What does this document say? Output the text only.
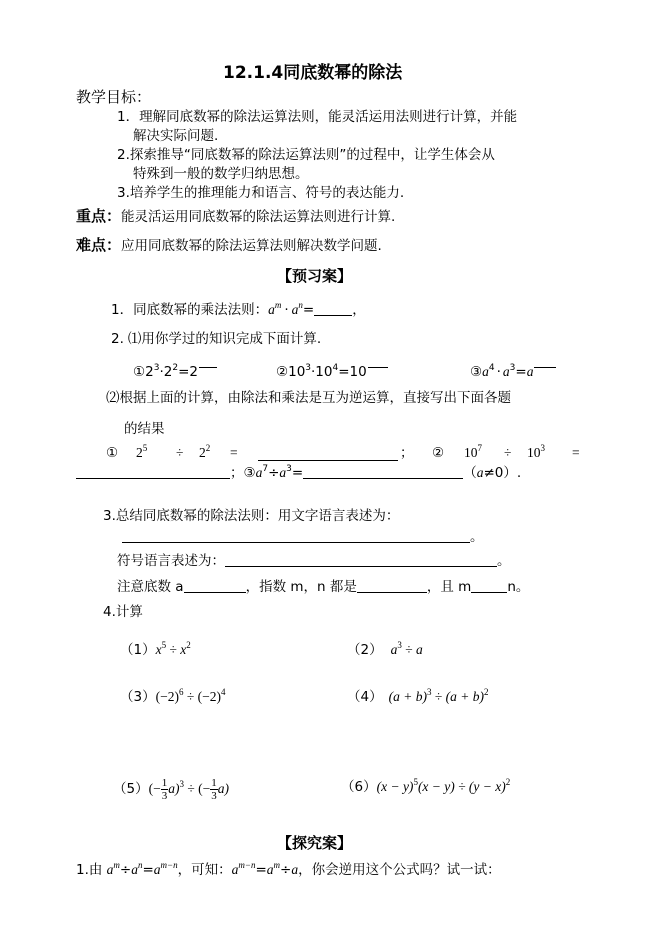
12.1.4同底数幂的除法
教学目标：
1．理解同底数幂的除法运算法则，能灵活运用法则进行计算，并能
解决实际问题.
2.探索推导“同底数幂的除法运算法则”的过程中，让学生体会从
特殊到一般的数学归纳思想。
3.培养学生的推理能力和语言、符号的表达能力.
重点：能灵活运用同底数幂的除法运算法则进行计算.
难点：应用同底数幂的除法运算法则解决数学问题.
【预习案】
1．同底数幂的乘法法则：$a^m \cdot a^n=$	，
2. ⑴用你学过的知识完成下面计算.
$①2^3\cdot 2^2=2$	$②10^3\cdot 10^4=10$	$③a^4 \cdot a^3=a$
⑵根据上面的计算，由除法和乘法是互为逆运算，直接写出下面各题
的结果
① $2^5 \div 2^2$ =	； ② $10^7 \div 10^3$ =
；$③a^7\div a^3=$	（a≠0）.
3.总结同底数幂的除法法则：用文字语言表述为：
。
符号语言表述为：	。
注意底数 a	，指数 m，n 都是	，且 m	n。
4.计算
$(1)x^5 \div x^2$	（2） $a^3 \div a$
$(3)(-2)^6 \div (-2)^4$	（4） $(a + b)^3 \div (a + b)^2$
$(5)(- \frac{1}{3} a)^3$ ÷ (− $\frac{1}{3} a$)	$(6)(x - y)^5(x - y) \div (y - x)^2$
【探究案】
1.由 $a^m\div a^n=a^{m-n}$，可知：$a^{m-n}=a^m\div a$，你会逆用这个公式吗？试一试：
